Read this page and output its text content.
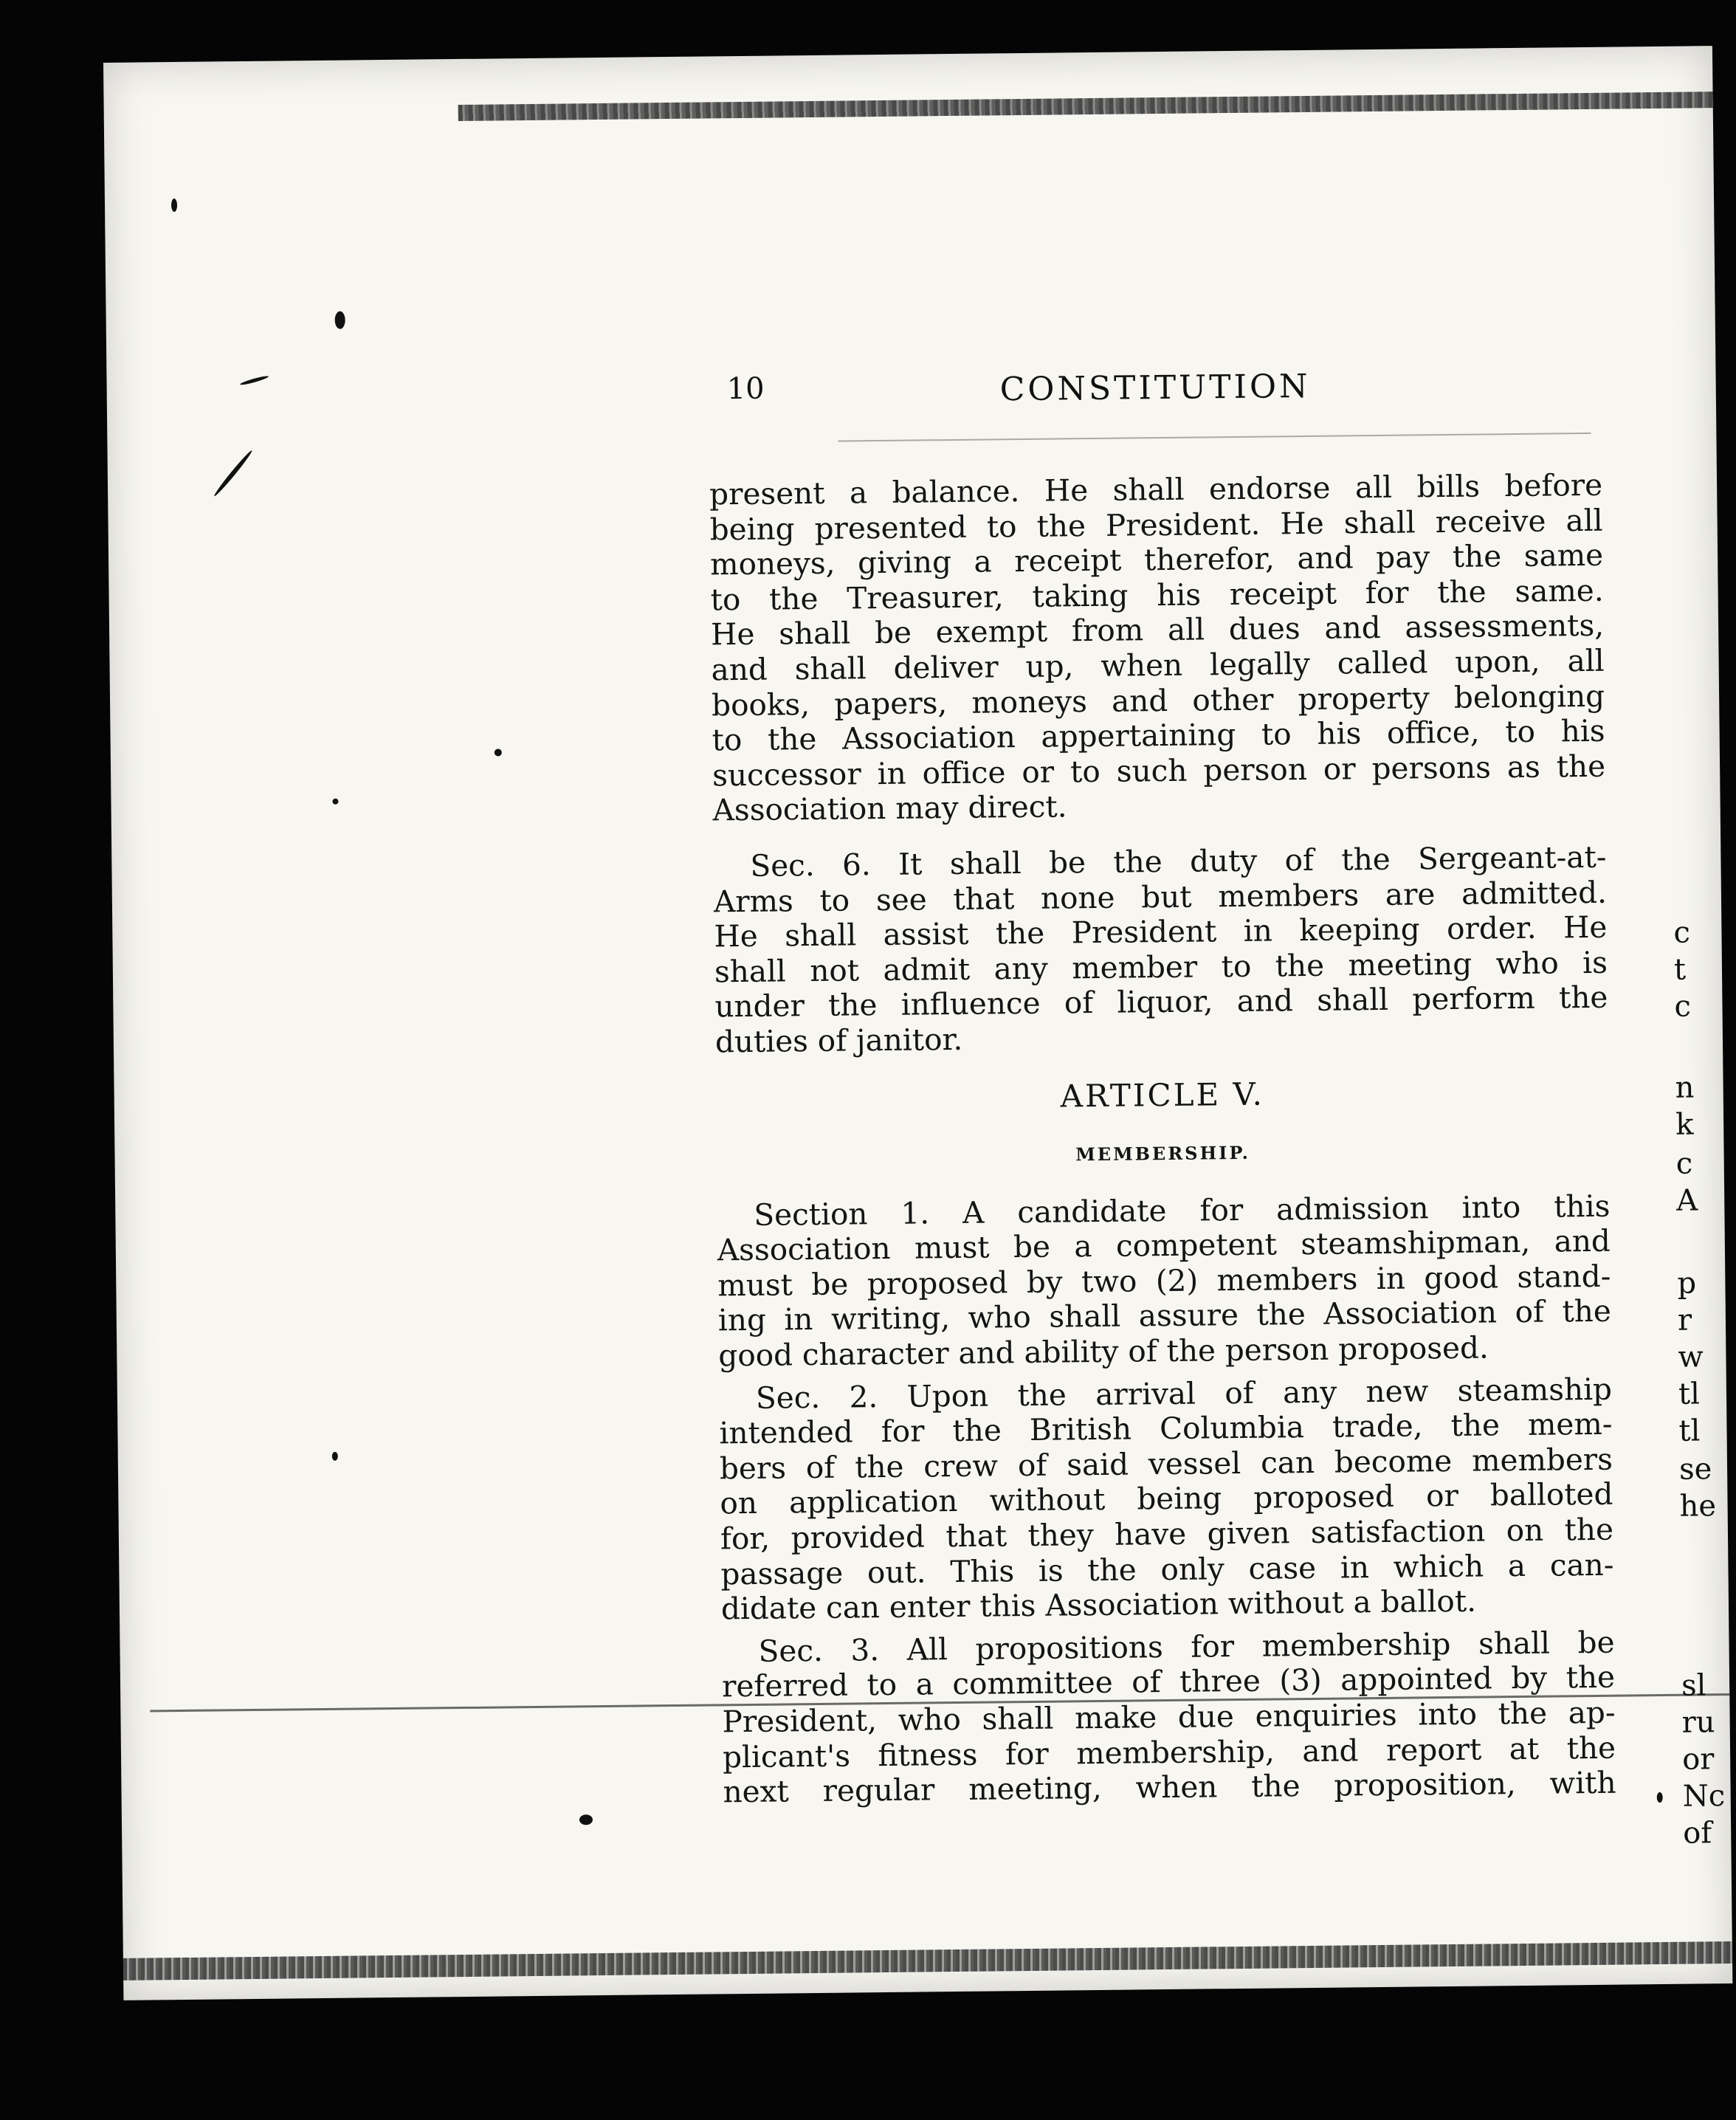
10	CONSTITUTION

present a balance. He shall endorse all bills before
being presented to the President. He shall receive all
moneys, giving a receipt therefor, and pay the same
to the Treasurer, taking his receipt for the same.
He shall be exempt from all dues and assessments,
and shall deliver up, when legally called upon, all
books, papers, moneys and other property belonging
to the Association appertaining to his office, to his
successor in office or to such person or persons as the
Association may direct.

Sec. 6. It shall be the duty of the Sergeant-at-

Arms to see that none but members are admitted.
He shall assist the President in keeping order. He
shall not admit any member to the meeting who is
under the influence of liquor, and shall perform the
duties of janitor.

ARTICLE V.
MEMBERSHIP.

Section 1. A candidate for admission into this

Association must be a competent steamshipman, and
must be proposed by two (2) members in good stand-
ing in writing, who shall assure the Association of the
good character and ability of the person proposed.

Sec. 2. Upon the arrival of any new steamship

intended for the British Columbia trade, the mem-
bers of the crew of said vessel can become members
on application without being proposed or balloted
for, provided that they have given satisfaction on the
passage out. This is the only case in which a can-
didate can enter this Association without a ballot.

Sec. 3. All propositions for membership shall be

referred to a committee of three (3) appointed by the
President, who shall make due enquiries into the ap-
plicant's fitness for membership, and report at the
next regular meeting, when the proposition, with

c
t
c
n
k
c
A
p
r
w
tl
tl
se
he
sl
ru
or
Nc
of
